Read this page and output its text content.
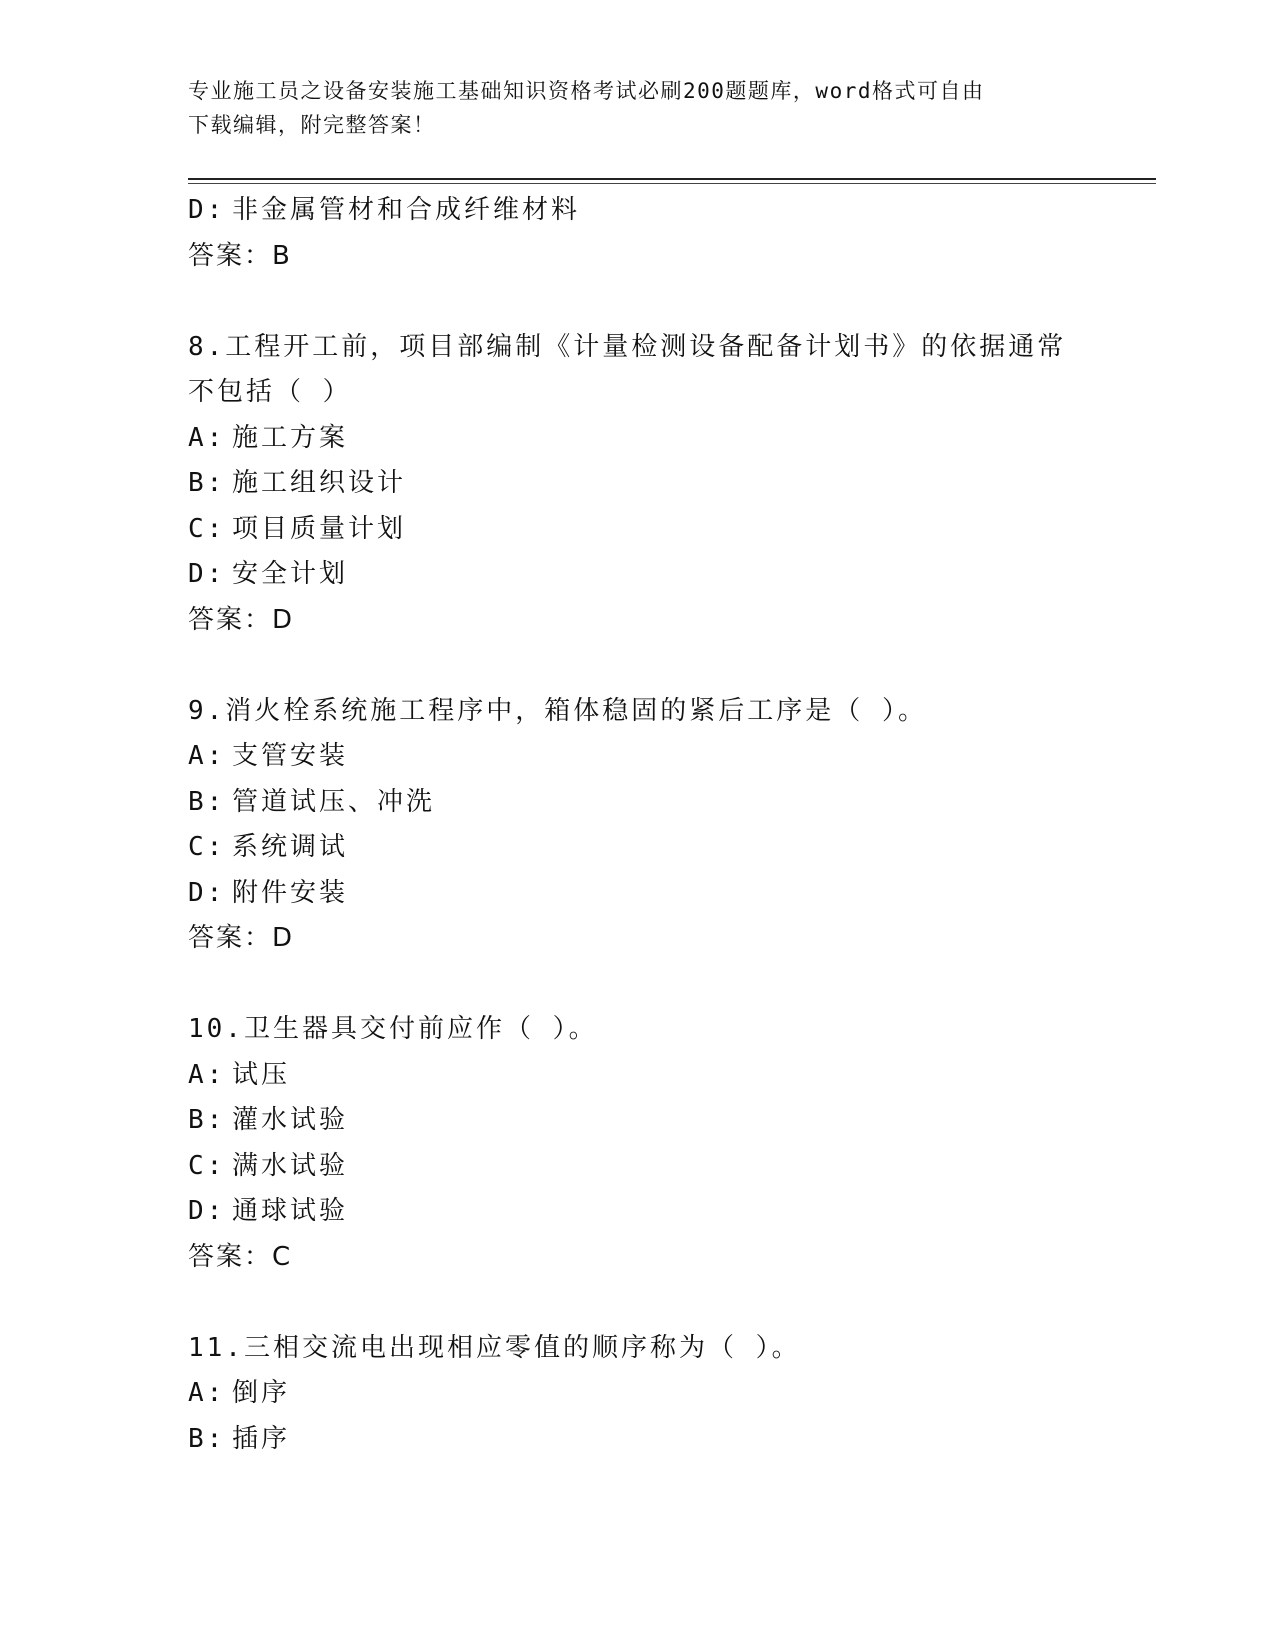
专业施工员之设备安装施工基础知识资格考试必刷200题题库，word格式可自由
下载编辑，附完整答案！
D: 非金属管材和合成纤维材料
答案：B
8.工程开工前，项目部编制《计量检测设备配备计划书》的依据通常
不包括（ ）
A: 施工方案
B: 施工组织设计
C: 项目质量计划
D: 安全计划
答案：D
9.消火栓系统施工程序中，箱体稳固的紧后工序是（ ）。
A: 支管安装
B: 管道试压、冲洗
C: 系统调试
D: 附件安装
答案：D
10.卫生器具交付前应作（ ）。
A: 试压
B: 灌水试验
C: 满水试验
D: 通球试验
答案：C
11.三相交流电出现相应零值的顺序称为（ ）。
A: 倒序
B: 插序
